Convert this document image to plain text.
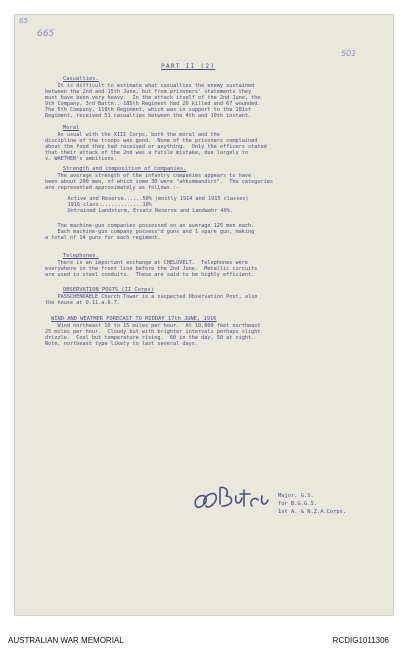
65
665
501
PART II (2)
Casualties.
It is difficult to estimate what casualties the enemy sustained
between the 2nd and 15th June, but from prisoners' statements they
must have been very heavy.  In the attack itself of the 2nd June, the
9th Company, 3rd Battn., 185th Regiment had 20 killed and 67 wounded.
The 5th Company, 119th Regiment, which was in support to the 181st
Regiment, received 51 casualties between the 4th and 10th instant.
Moral
As usual with the XIII Corps, both the moral and the
discipline of the troops was good.  None of the prisoners complained
about the food they had received or anything.  Only the officers stated
that their attack of the 2nd was a futile mistake, due largely to
v. WAETHER's ambitions.
Strength and composition of companies.
The average strength of the infantry companies appears to have
been about 200 men, of which some 30 were "ahkommandirt".  The categories
are represented approximately as follows :-
Active and Reserve......50% (mostly 1914 and 1915 classes)
1916 class..............10%
Untrained Landsturm, Ersatz Reserve and Landwehr 40%.
The machine-gun companies possessed on an average 125 men each.
Each machine-gun company possess'd guns and 1 spare gun, making
a total of 14 guns for each regiment.
Telephones.
There is an important exchange at CHELUVELT.  Telephones were
everywhere in the front line before the 2nd June.  Metallic circuits
are used in steel conduits.  These are said to be highly efficient.
OBSERVATION POSTS (II Corps)
PASSCHENDAELE Church Tower is a suspected Observation Post, also
the house at O.11.a.6.7.
WIND AND WEATHER FORECAST TO MIDDAY 17th JUNE, 1916
Wind northeast 10 to 15 miles per hour.  At 10,000 feet northeast
25 miles per hour.  Cloudy but with brighter intervals perhaps slight
drizzle.  Cool but temperature rising.  60 in the day, 50 at night.
Note, northeast type likely to last several days.
Major, G.S.
for B.G.G.S.
1st A. & N.Z.A.Corps.
AUSTRALIAN WAR MEMORIAL	RCDIG1011306
